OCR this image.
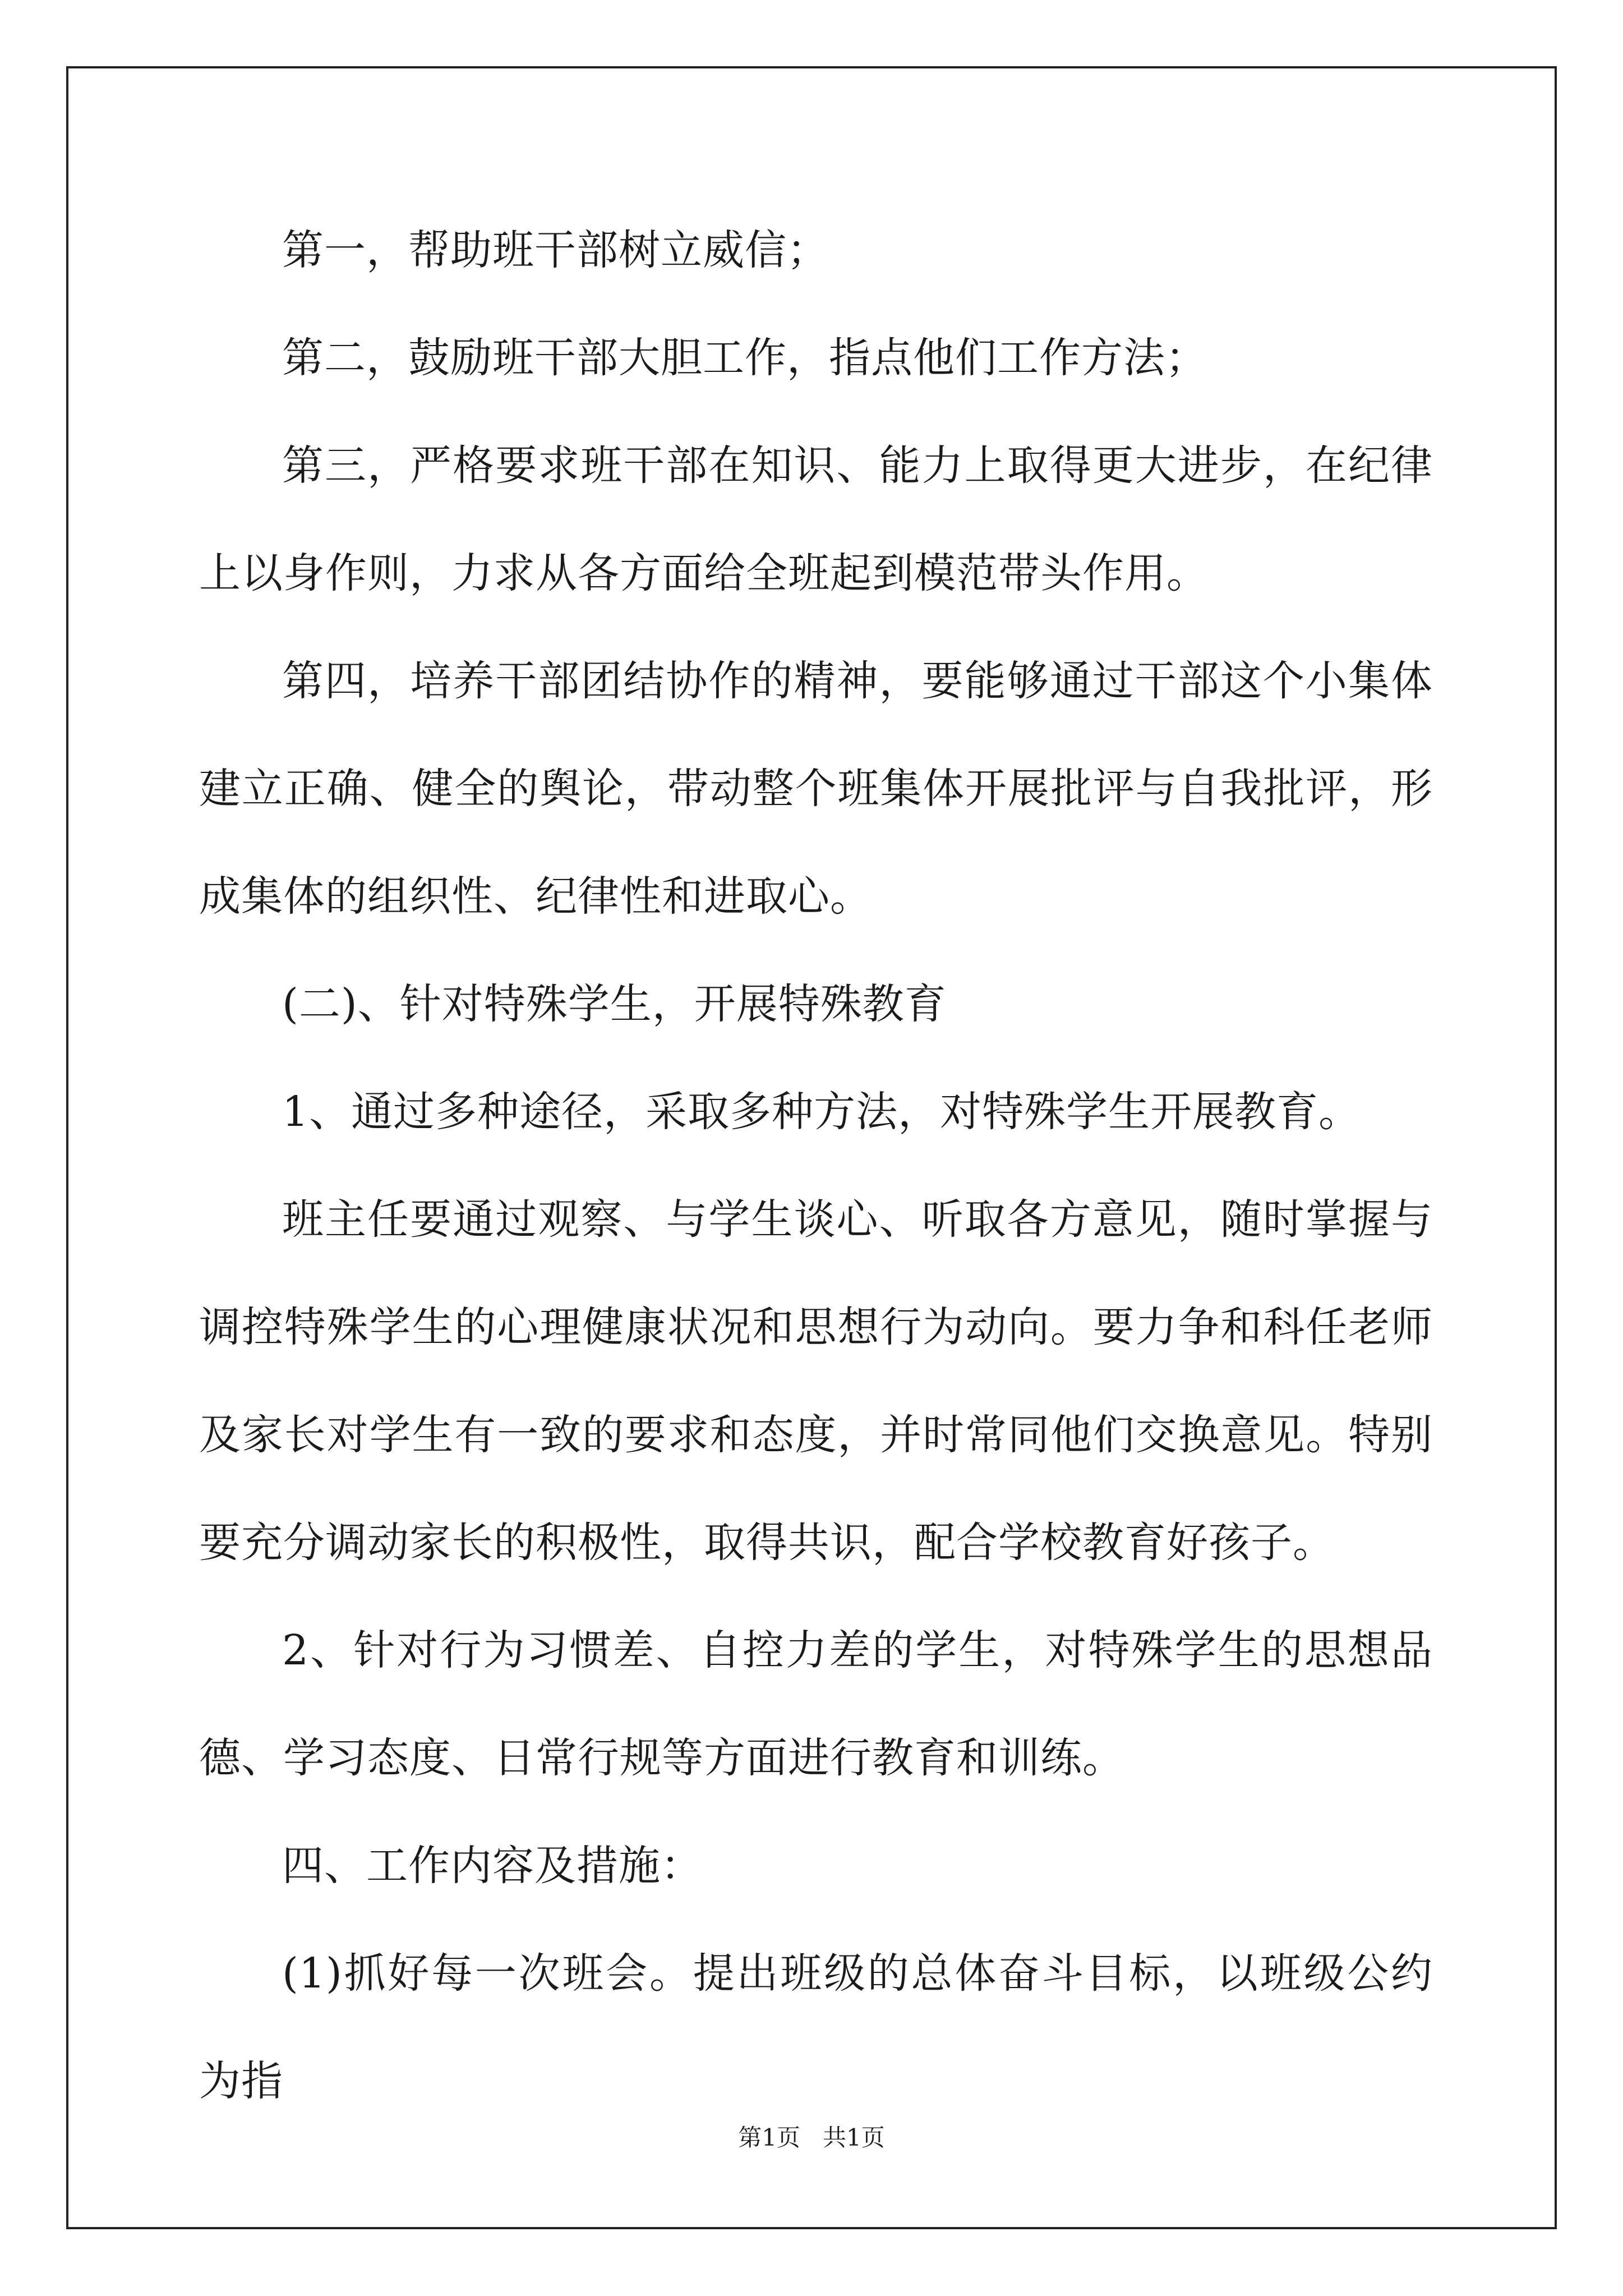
第一，帮助班干部树立威信；

第二，鼓励班干部大胆工作，指点他们工作方法；

第三，严格要求班干部在知识、能力上取得更大进步，在纪律上以身作则，力求从各方面给全班起到模范带头作用。

第四，培养干部团结协作的精神，要能够通过干部这个小集体建立正确、健全的舆论，带动整个班集体开展批评与自我批评，形成集体的组织性、纪律性和进取心。

(二)、针对特殊学生，开展特殊教育

1、通过多种途径，采取多种方法，对特殊学生开展教育。

班主任要通过观察、与学生谈心、听取各方意见，随时掌握与调控特殊学生的心理健康状况和思想行为动向。要力争和科任老师及家长对学生有一致的要求和态度，并时常同他们交换意见。特别要充分调动家长的积极性，取得共识，配合学校教育好孩子。

2、针对行为习惯差、自控力差的学生，对特殊学生的思想品德、学习态度、日常行规等方面进行教育和训练。

四、工作内容及措施：

(1)抓好每一次班会。提出班级的总体奋斗目标，以班级公约为指

第1页 共1页
